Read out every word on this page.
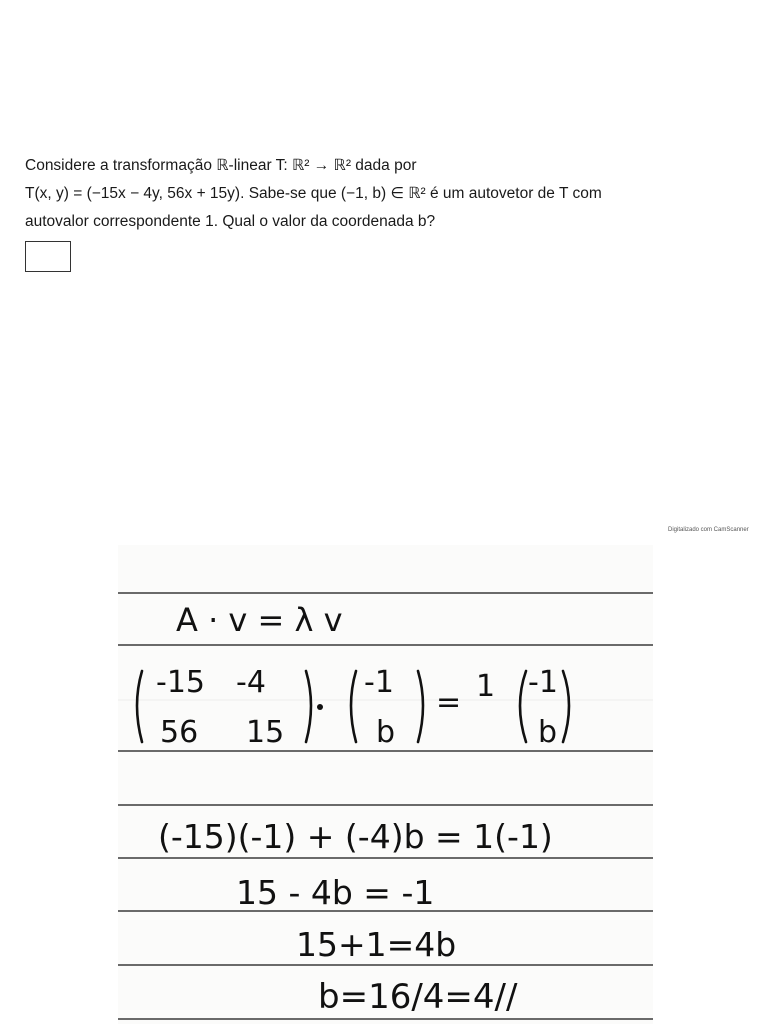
Considere a transformação ℝ-linear T: ℝ² → ℝ² dada por
T(x, y) = (−15x − 4y, 56x + 15y). Sabe-se que (−1, b) ∈ ℝ² é um autovetor de T com
autovalor correspondente 1. Qual o valor da coordenada b?
Digitalizado com CamScanner
A · v = λ v
-15 -4
56 15
-1
b
= 1 -1
b
(-15)(-1) + (-4)b = 1(-1)
15 - 4b = -1
15+1=4b
b=16/4=4//
